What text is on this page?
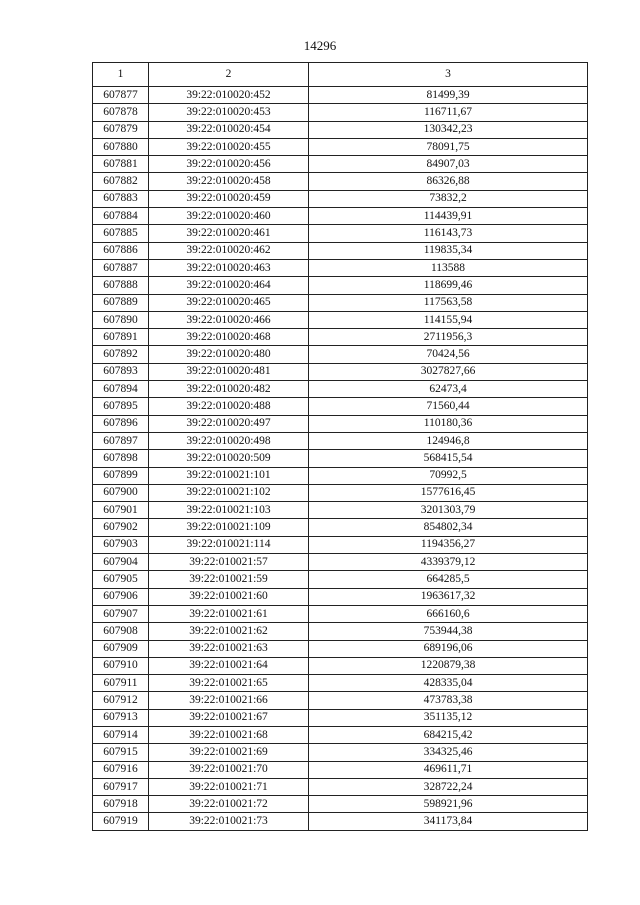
14296
1	2	3
607877	39:22:010020:452	81499,39
607878	39:22:010020:453	116711,67
607879	39:22:010020:454	130342,23
607880	39:22:010020:455	78091,75
607881	39:22:010020:456	84907,03
607882	39:22:010020:458	86326,88
607883	39:22:010020:459	73832,2
607884	39:22:010020:460	114439,91
607885	39:22:010020:461	116143,73
607886	39:22:010020:462	119835,34
607887	39:22:010020:463	113588
607888	39:22:010020:464	118699,46
607889	39:22:010020:465	117563,58
607890	39:22:010020:466	114155,94
607891	39:22:010020:468	2711956,3
607892	39:22:010020:480	70424,56
607893	39:22:010020:481	3027827,66
607894	39:22:010020:482	62473,4
607895	39:22:010020:488	71560,44
607896	39:22:010020:497	110180,36
607897	39:22:010020:498	124946,8
607898	39:22:010020:509	568415,54
607899	39:22:010021:101	70992,5
607900	39:22:010021:102	1577616,45
607901	39:22:010021:103	3201303,79
607902	39:22:010021:109	854802,34
607903	39:22:010021:114	1194356,27
607904	39:22:010021:57	4339379,12
607905	39:22:010021:59	664285,5
607906	39:22:010021:60	1963617,32
607907	39:22:010021:61	666160,6
607908	39:22:010021:62	753944,38
607909	39:22:010021:63	689196,06
607910	39:22:010021:64	1220879,38
607911	39:22:010021:65	428335,04
607912	39:22:010021:66	473783,38
607913	39:22:010021:67	351135,12
607914	39:22:010021:68	684215,42
607915	39:22:010021:69	334325,46
607916	39:22:010021:70	469611,71
607917	39:22:010021:71	328722,24
607918	39:22:010021:72	598921,96
607919	39:22:010021:73	341173,84
